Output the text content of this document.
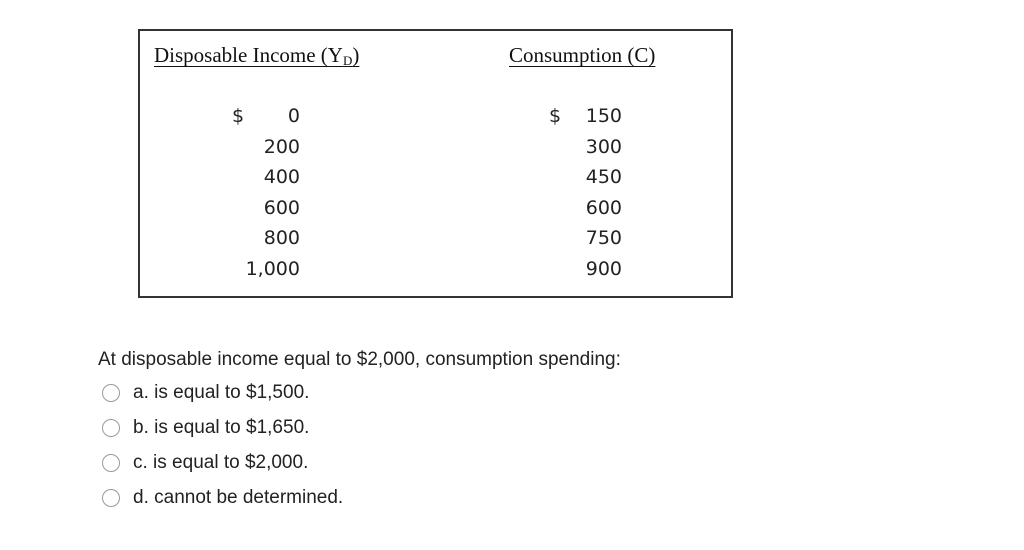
Disposable Income $(Y_D)$	Consumption (C)
$ 0
200
400
600
800
1,000
$ 150
300
450
600
750
900
At disposable income equal to $2,000, consumption spending:
a. is equal to $1,500.
b. is equal to $1,650.
c. is equal to $2,000.
d. cannot be determined.
